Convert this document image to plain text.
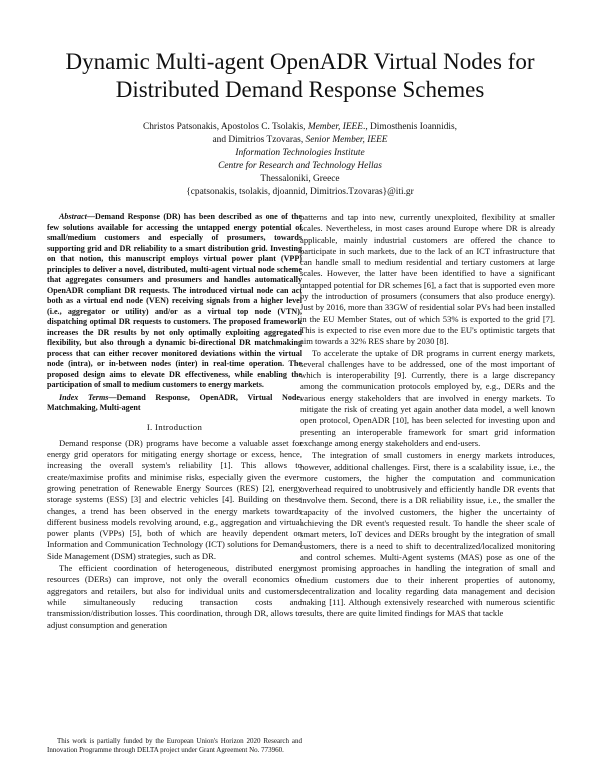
Dynamic Multi-agent OpenADR Virtual Nodes for Distributed Demand Response Schemes
Christos Patsonakis, Apostolos C. Tsolakis, Member, IEEE., Dimosthenis Ioannidis,
and Dimitrios Tzovaras, Senior Member, IEEE
Information Technologies Institute
Centre for Research and Technology Hellas
Thessaloniki, Greece
{cpatsonakis, tsolakis, djoannid, Dimitrios.Tzovaras}@iti.gr

Abstract—Demand Response (DR) has been described as one of the few solutions available for accessing the untapped energy potential of small/medium customers and especially of prosumers, towards supporting grid and DR reliability to a smart distribution grid. Investing on that notion, this manuscript employs virtual power plant (VPP) principles to deliver a novel, distributed, multi-agent virtual node scheme that aggregates consumers and prosumers and handles automatically OpenADR compliant DR requests. The introduced virtual node can act both as a virtual end node (VEN) receiving signals from a higher level (i.e., aggregator or utility) and/or as a virtual top node (VTN), dispatching optimal DR requests to customers. The proposed framework increases the DR results by not only optimally exploiting aggregated flexibility, but also through a dynamic bi-directional DR matchmaking process that can either recover monitored deviations within the virtual node (intra), or in-between nodes (inter) in real-time operation. The proposed design aims to elevate DR effectiveness, while enabling the participation of small to medium customers to energy markets.

Index Terms—Demand Response, OpenADR, Virtual Node, Matchmaking, Multi-agent

I. Introduction

Demand response (DR) programs have become a valuable asset for energy grid operators for mitigating energy shortage or excess, hence, increasing the overall system's reliability [1]. This allows to create/maximise profits and minimise risks, especially given the ever-growing penetration of Renewable Energy Sources (RES) [2], energy storage systems (ESS) [3] and electric vehicles [4]. Building on these changes, a trend has been observed in the energy markets towards different business models revolving around, e.g., aggregation and virtual power plants (VPPs) [5], both of which are heavily dependent on Information and Communication Technology (ICT) solutions for Demand Side Management (DSM) strategies, such as DR.

The efficient coordination of heterogeneous, distributed energy resources (DERs) can improve, not only the overall economics of aggregators and retailers, but also for individual units and customers, while simultaneously reducing transaction costs and transmission/distribution losses. This coordination, through DR, allows to adjust consumption and generation

patterns and tap into new, currently unexploited, flexibility at smaller scales. Nevertheless, in most cases around Europe where DR is already applicable, mainly industrial customers are offered the chance to participate in such markets, due to the lack of an ICT infrastructure that can handle small to medium residential and tertiary customers at large scales. However, the latter have been identified to have a significant untapped potential for DR schemes [6], a fact that is supported even more by the introduction of prosumers (consumers that also produce energy). Just by 2016, more than 33GW of residential solar PVs had been installed in the EU Member States, out of which 53% is exported to the grid [7]. This is expected to rise even more due to the EU's optimistic targets that aim towards a 32% RES share by 2030 [8].

To accelerate the uptake of DR programs in current energy markets, several challenges have to be addressed, one of the most important of which is interoperability [9]. Currently, there is a large discrepancy among the communication protocols employed by, e.g., DERs and the various energy stakeholders that are involved in energy markets. To mitigate the risk of creating yet again another data model, a well known open protocol, OpenADR [10], has been selected for investing upon and presenting an interoperable framework for smart grid information exchange among energy stakeholders and end-users.

The integration of small customers in energy markets introduces, however, additional challenges. First, there is a scalability issue, i.e., the more customers, the higher the computation and communication overhead required to unobtrusively and efficiently handle DR events that involve them. Second, there is a DR reliability issue, i.e., the smaller the capacity of the involved customers, the higher the uncertainty of achieving the DR event's requested result. To handle the sheer scale of smart meters, IoT devices and DERs brought by the integration of small customers, there is a need to shift to decentralized/localized monitoring and control schemes. Multi-Agent systems (MAS) pose as one of the most promising approaches in handling the integration of small and medium customers due to their inherent properties of autonomy, decentralization and locality regarding data management and decision making [11]. Although extensively researched with numerous scientific results, there are quite limited findings for MAS that tackle

This work is partially funded by the European Union's Horizon 2020 Research and Innovation Programme through DELTA project under Grant Agreement No. 773960.
